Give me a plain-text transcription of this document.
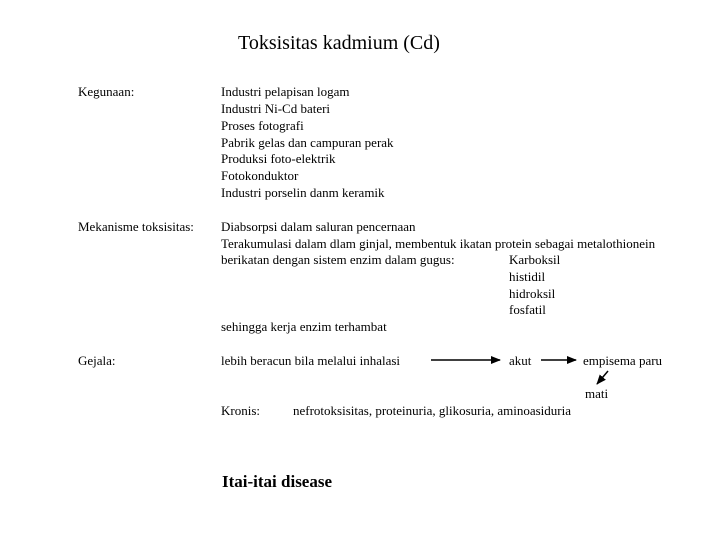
Toksisitas kadmium (Cd)
Kegunaan:	Industri pelapisan logam
Industri Ni-Cd bateri
Proses fotografi
Pabrik gelas dan campuran perak
Produksi foto-elektrik
Fotokonduktor
Industri porselin danm keramik
Mekanisme toksisitas: Diabsorpsi dalam saluran pencernaan
Terakumulasi dalam dlam ginjal, membentuk ikatan protein sebagai metalothionein
berikatan dengan sistem enzim dalam gugus:	Karboksil
histidil
hidroksil
fosfatil
sehingga kerja enzim terhambat
Gejala:	lebih beracun bila melalui inhalasi	akut	empisema paru
mati
Kronis:	nefrotoksisitas, proteinuria, glikosuria, aminoasiduria
Itai-itai disease
